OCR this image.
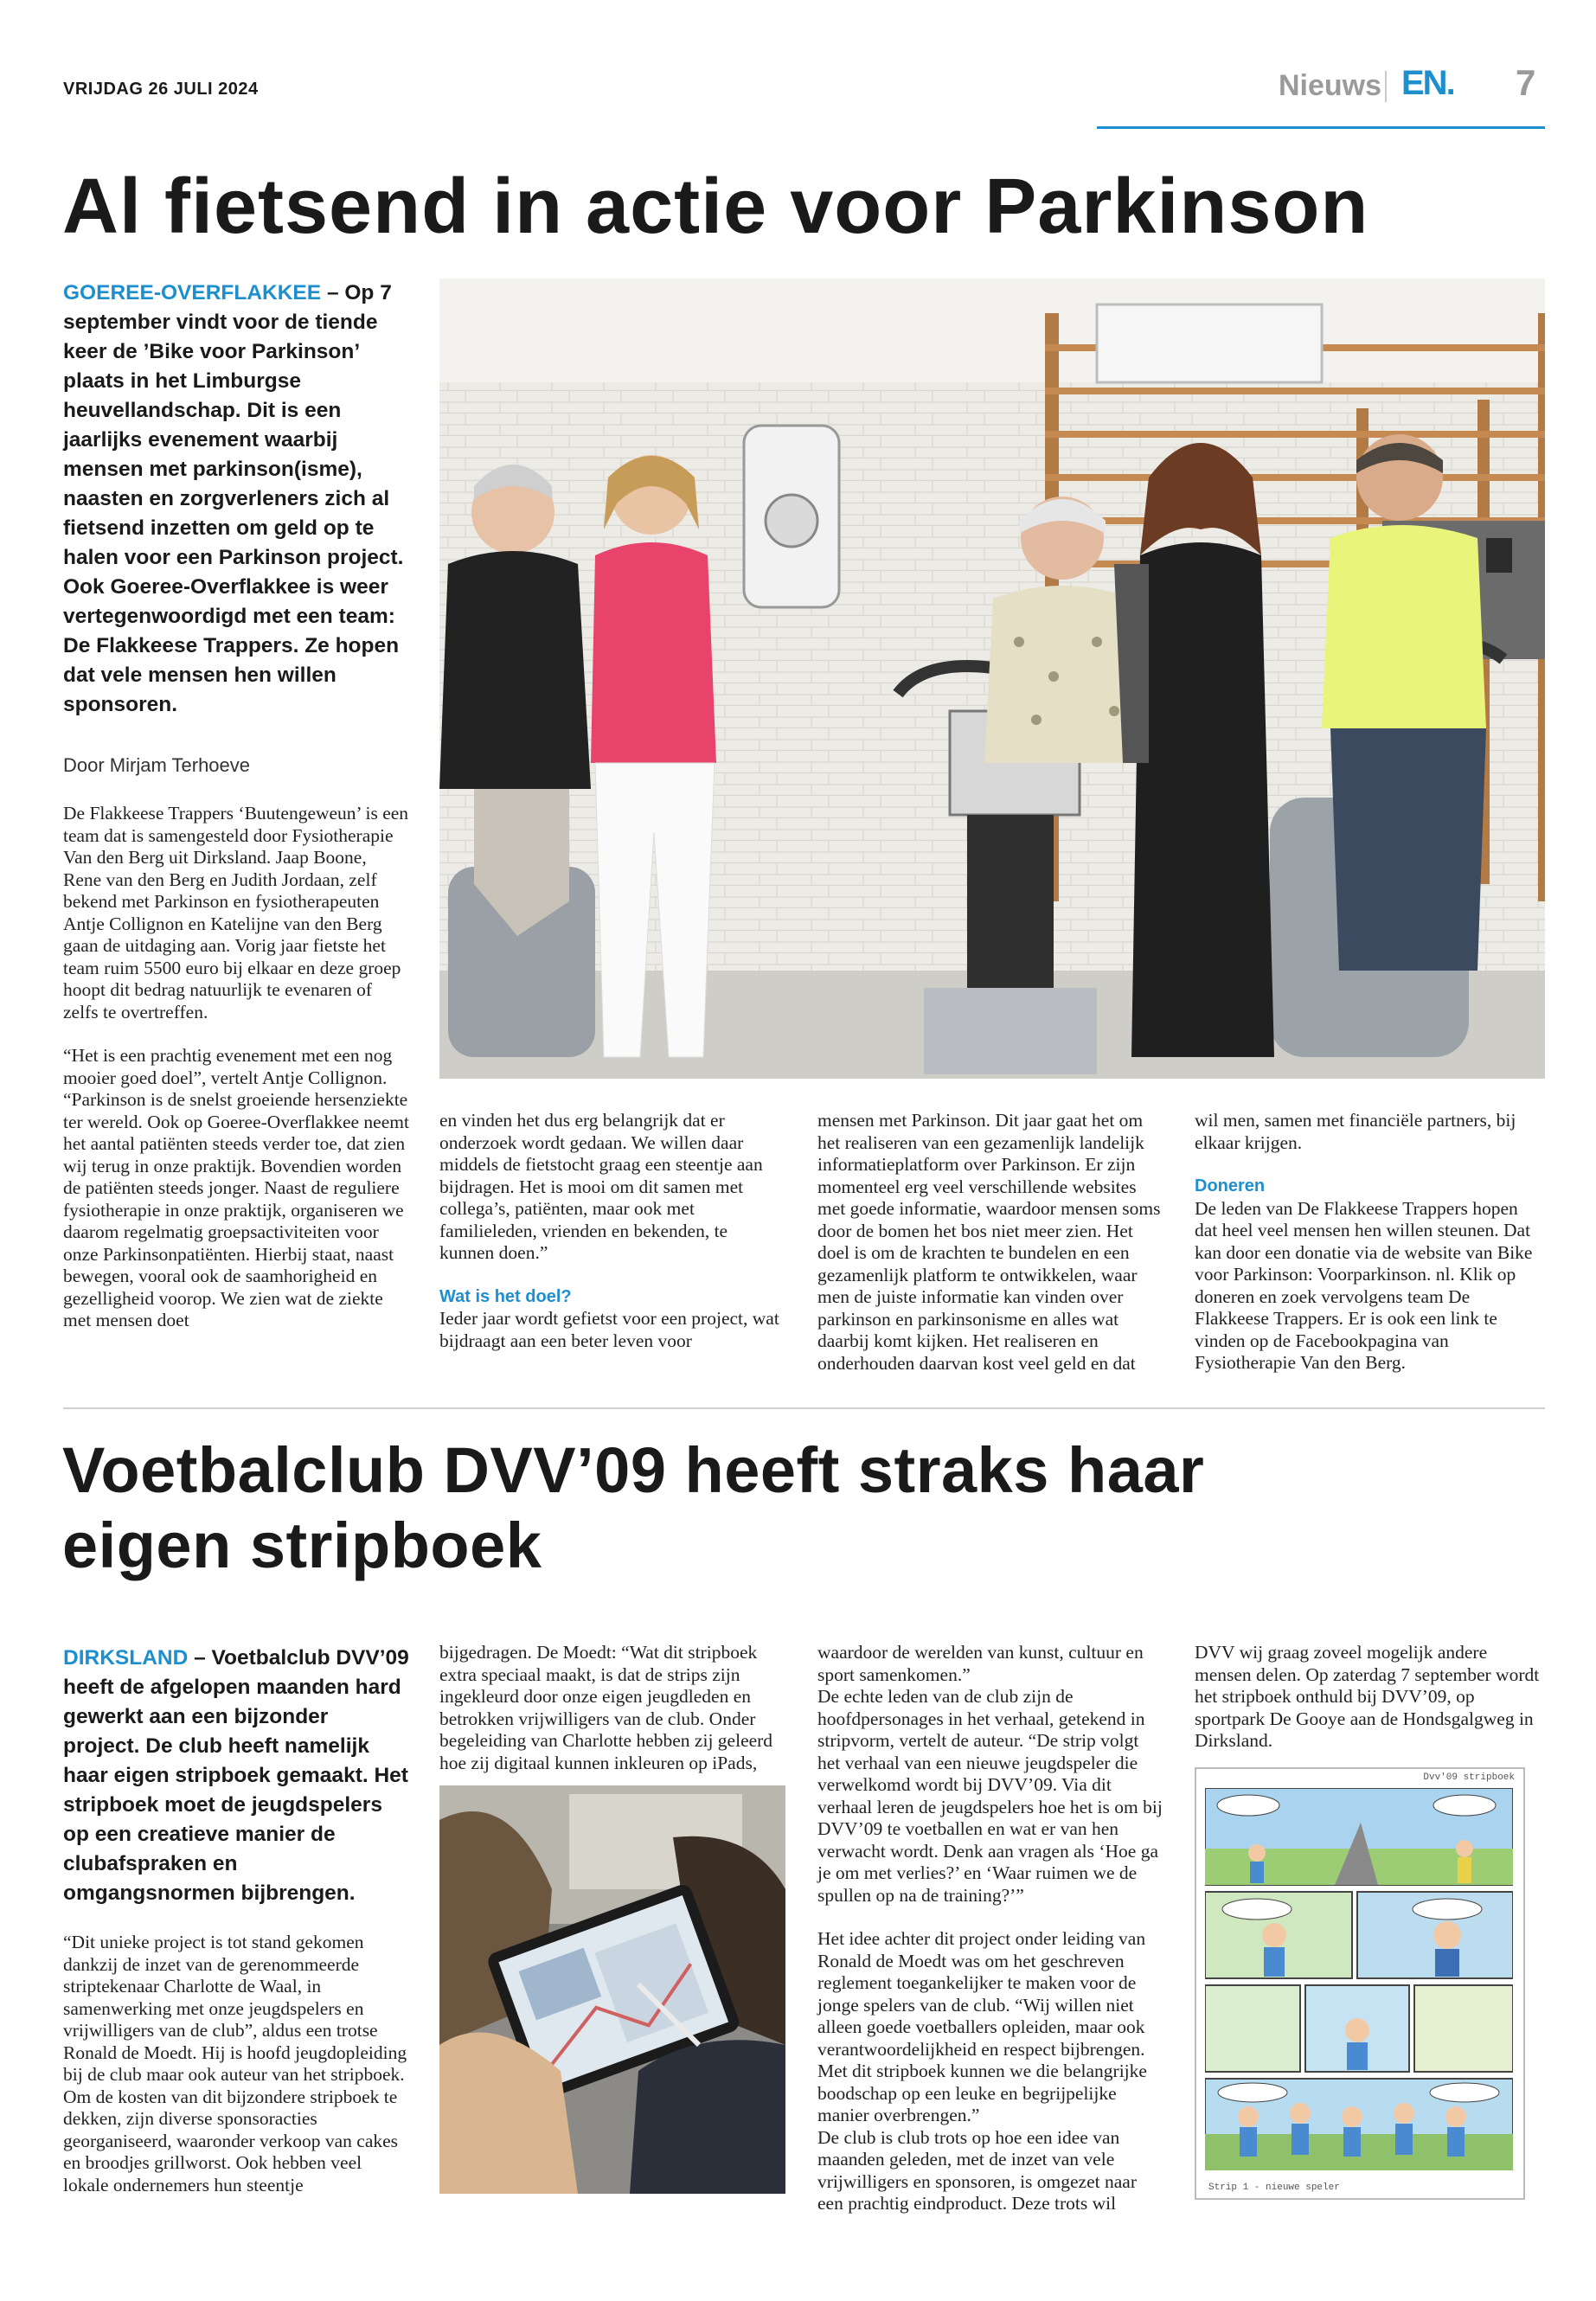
VRIJDAG 26 JULI 2024	Nieuws EN. 7
Al fietsend in actie voor Parkinson
GOEREE-OVERFLAKKEE – Op 7 september vindt voor de tiende keer de ’Bike voor Parkinson’ plaats in het Limburgse heuvellandschap. Dit is een jaarlijks evenement waarbij mensen met parkinson(isme), naasten en zorgverleners zich al fietsend inzetten om geld op te halen voor een Parkinson project. Ook Goeree-Overflakkee is weer vertegenwoordigd met een team: De Flakkeese Trappers. Ze hopen dat vele mensen hen willen sponsoren.
Door Mirjam Terhoeve

De Flakkeese Trappers ‘Buutengeweun’ is een team dat is samengesteld door Fysiotherapie Van den Berg uit Dirksland. Jaap Boone, Rene van den Berg en Judith Jordaan, zelf bekend met Parkinson en fysiotherapeuten Antje Collignon en Katelijne van den Berg gaan de uitdaging aan. Vorig jaar fietste het team ruim 5500 euro bij elkaar en deze groep hoopt dit bedrag natuurlijk te evenaren of zelfs te overtreffen.

“Het is een prachtig evenement met een nog mooier goed doel”, vertelt Antje Collignon. “Parkinson is de snelst groeiende hersenziekte ter wereld. Ook op Goeree-Overflakkee neemt het aantal patiënten steeds verder toe, dat zien wij terug in onze praktijk. Bovendien worden de patiënten steeds jonger. Naast de reguliere fysiotherapie in onze praktijk, organiseren we daarom regelmatig groepsactiviteiten voor onze Parkinsonpatiënten. Hierbij staat, naast bewegen, vooral ook de saamhorigheid en gezelligheid voorop. We zien wat de ziekte met mensen doet

en vinden het dus erg belangrijk dat er onderzoek wordt gedaan. We willen daar middels de fietstocht graag een steentje aan bijdragen. Het is mooi om dit samen met collega’s, patiënten, maar ook met familieleden, vrienden en bekenden, te kunnen doen.”

Wat is het doel?

Ieder jaar wordt gefietst voor een project, wat bijdraagt aan een beter leven voor

mensen met Parkinson. Dit jaar gaat het om het realiseren van een gezamenlijk landelijk informatieplatform over Parkinson. Er zijn momenteel erg veel verschillende websites met goede informatie, waardoor mensen soms door de bomen het bos niet meer zien. Het doel is om de krachten te bundelen en een gezamenlijk platform te ontwikkelen, waar men de juiste informatie kan vinden over parkinson en parkinsonisme en alles wat daarbij komt kijken. Het realiseren en onderhouden daarvan kost veel geld en dat

wil men, samen met financiële partners, bij elkaar krijgen.

Doneren

De leden van De Flakkeese Trappers hopen dat heel veel mensen hen willen steunen. Dat kan door een donatie via de website van Bike voor Parkinson: Voorparkinson. nl. Klik op doneren en zoek vervolgens team De Flakkeese Trappers. Er is ook een link te vinden op de Facebookpagina van Fysiotherapie Van den Berg.

Voetbalclub DVV’09 heeft straks haar eigen stripboek
DIRKSLAND – Voetbalclub DVV’09 heeft de afgelopen maanden hard gewerkt aan een bijzonder project. De club heeft namelijk haar eigen stripboek gemaakt. Het stripboek moet de jeugdspelers op een creatieve manier de clubafspraken en omgangsnormen bijbrengen.

“Dit unieke project is tot stand gekomen dankzij de inzet van de gerenommeerde striptekenaar Charlotte de Waal, in samenwerking met onze jeugdspelers en vrijwilligers van de club”, aldus een trotse Ronald de Moedt. Hij is hoofd jeugdopleiding bij de club maar ook auteur van het stripboek.

Om de kosten van dit bijzondere stripboek te dekken, zijn diverse sponsoracties georganiseerd, waaronder verkoop van cakes en broodjes grillworst. Ook hebben veel lokale ondernemers hun steentje

bijgedragen. De Moedt: “Wat dit stripboek extra speciaal maakt, is dat de strips zijn ingekleurd door onze eigen jeugdleden en betrokken vrijwilligers van de club. Onder begeleiding van Charlotte hebben zij geleerd hoe zij digitaal kunnen inkleuren op iPads,

waardoor de werelden van kunst, cultuur en sport samenkomen.”

De echte leden van de club zijn de hoofdpersonages in het verhaal, getekend in stripvorm, vertelt de auteur. “De strip volgt het verhaal van een nieuwe jeugdspeler die verwelkomd wordt bij DVV’09. Via dit verhaal leren de jeugdspelers hoe het is om bij DVV’09 te voetballen en wat er van hen verwacht wordt. Denk aan vragen als ‘Hoe ga je om met verlies?’ en ‘Waar ruimen we de spullen op na de training?’”

Het idee achter dit project onder leiding van Ronald de Moedt was om het geschreven reglement toegankelijker te maken voor de jonge spelers van de club. “Wij willen niet alleen goede voetballers opleiden, maar ook verantwoordelijkheid en respect bijbrengen. Met dit stripboek kunnen we die belangrijke boodschap op een leuke en begrijpelijke manier overbrengen.”

De club is club trots op hoe een idee van maanden geleden, met de inzet van vele vrijwilligers en sponsoren, is omgezet naar een prachtig eindproduct. Deze trots wil

DVV wij graag zoveel mogelijk andere mensen delen. Op zaterdag 7 september wordt het stripboek onthuld bij DVV’09, op sportpark De Gooye aan de Hondsgalgweg in Dirksland.

Dvv'09 stripboek
Strip 1 - nieuwe speler
